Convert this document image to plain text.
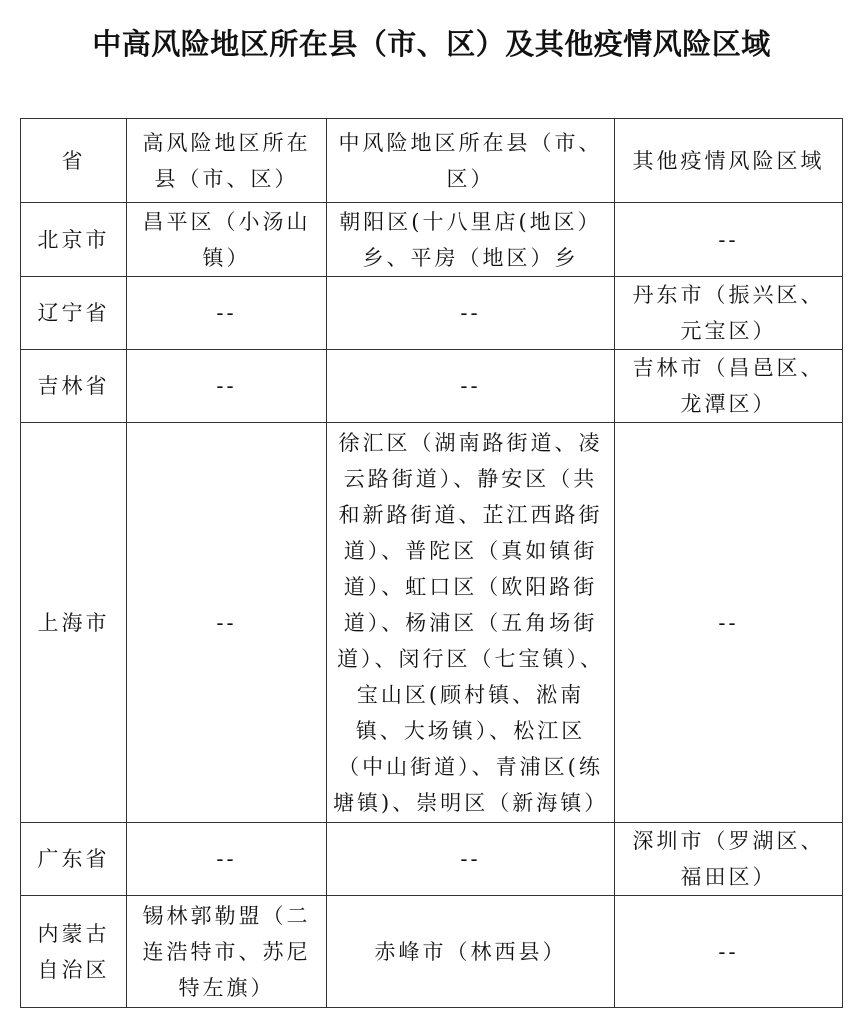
中高风险地区所在县（市、区）及其他疫情风险区域
省	高风险地区所在县（市、区）	中风险地区所在县（市、区）	其他疫情风险区域
北京市	昌平区（小汤山镇）	朝阳区(十八里店(地区）乡、平房（地区）乡	--
辽宁省	--	--	丹东市（振兴区、元宝区）
吉林省	--	--	吉林市（昌邑区、龙潭区）
上海市	--	徐汇区（湖南路街道、凌云路街道）、静安区（共和新路街道、芷江西路街道）、普陀区（真如镇街道）、虹口区（欧阳路街道）、杨浦区（五角场街道）、闵行区（七宝镇）、宝山区(顾村镇、淞南镇、大场镇）、松江区（中山街道）、青浦区(练塘镇)、崇明区（新海镇）	--
广东省	--	--	深圳市（罗湖区、福田区）
内蒙古自治区	锡林郭勒盟（二连浩特市、苏尼特左旗）	赤峰市（林西县）	--
